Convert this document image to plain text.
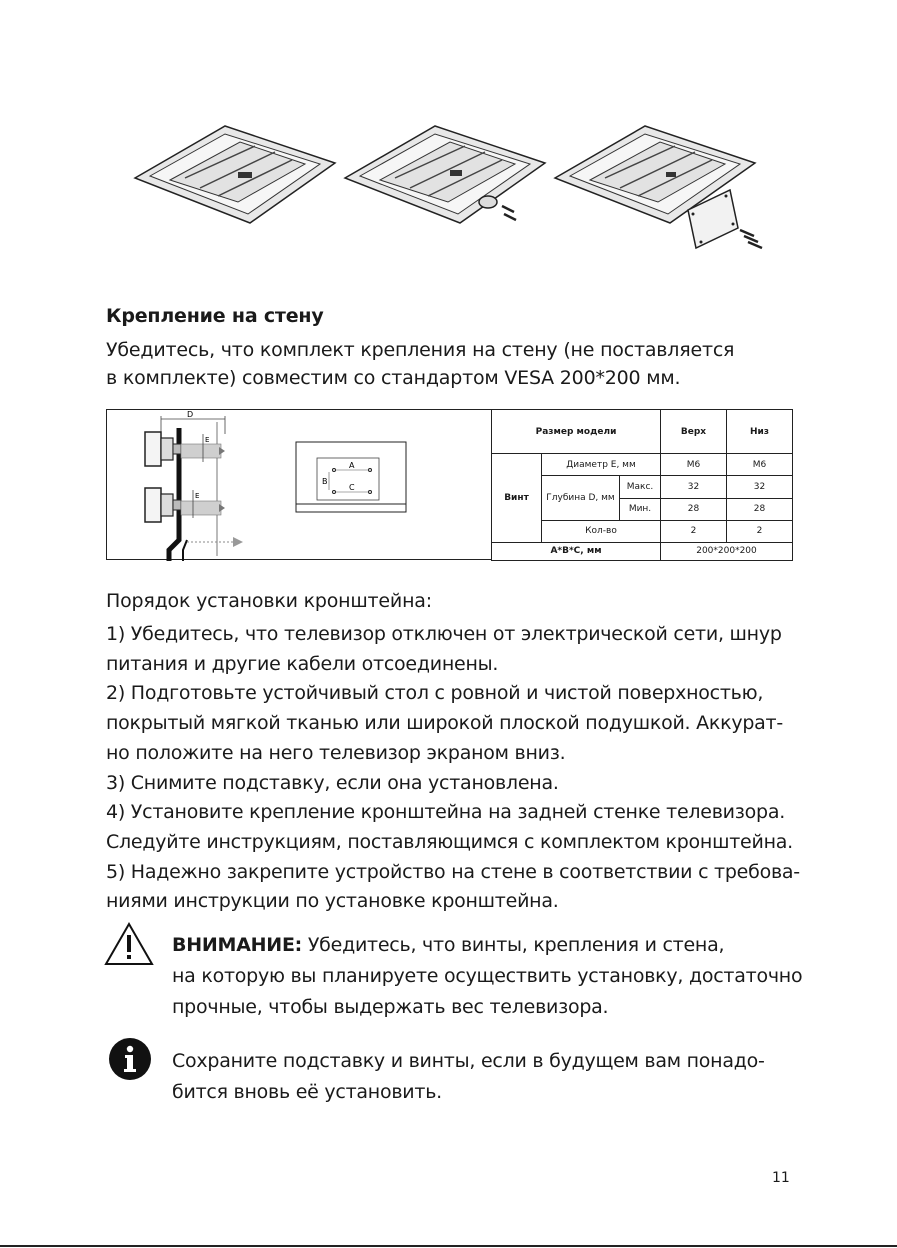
Крепление на стену

Убедитесь, что комплект крепления на стену (не поставляется
в комплекте) совместим со стандартом VESA 200*200 мм.

D
E
E
A
B
C
Размер модели			Верх	Низ
Винт	Диаметр E, мм		M6	M6
	Глубина D, мм	Макс.	32	32
		Мин.	28	28
	Кол-во		2	2
A*B*C, мм			200*200*200	

Порядок установки кронштейна:

1) Убедитесь, что телевизор отключен от электрической сети, шнур
питания и другие кабели отсоединены.
2) Подготовьте устойчивый стол с ровной и чистой поверхностью,
покрытый мягкой тканью или широкой плоской подушкой. Аккурат-
но положите на него телевизор экраном вниз.
3) Снимите подставку, если она установлена.
4) Установите крепление кронштейна на задней стенке телевизора.
Следуйте инструкциям, поставляющимся с комплектом кронштейна.
5) Надежно закрепите устройство на стене в соответствии с требова-
ниями инструкции по установке кронштейна.

ВНИМАНИЕ: Убедитесь, что винты, крепления и стена,
на которую вы планируете осуществить установку, достаточно
прочные, чтобы выдержать вес телевизора.

Сохраните подставку и винты, если в будущем вам понадо-
бится вновь её установить.

11
